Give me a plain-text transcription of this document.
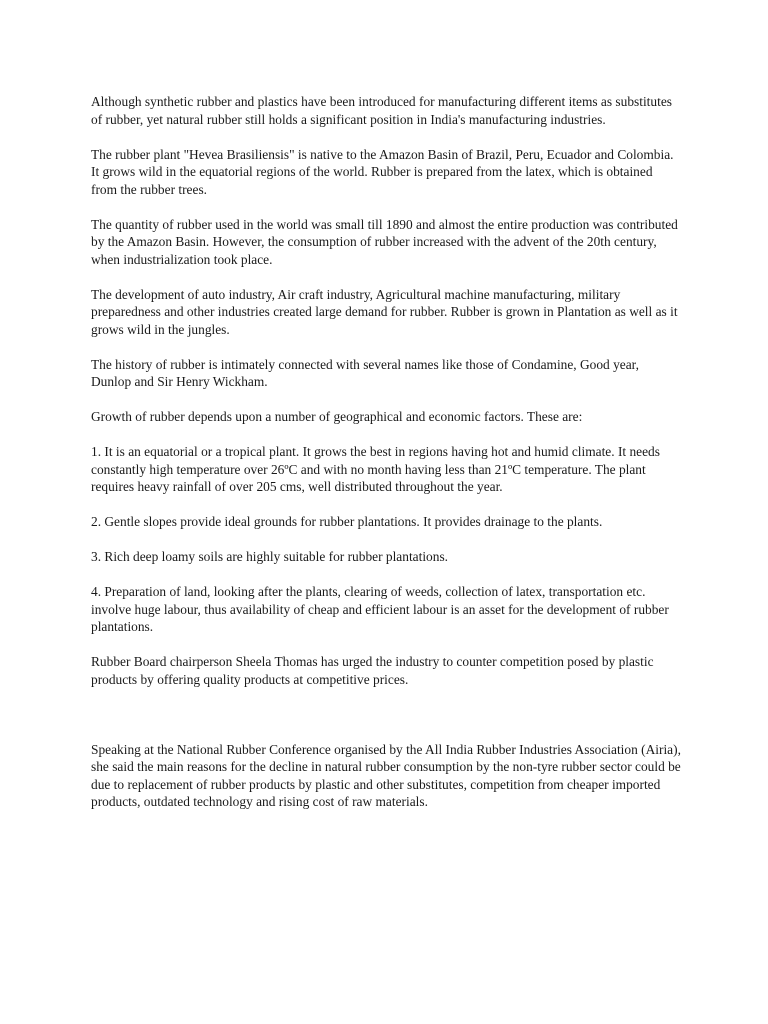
Although synthetic rubber and plastics have been introduced for manufacturing different items as substitutes of rubber, yet natural rubber still holds a significant position in India's manufacturing industries.

The rubber plant "Hevea Brasiliensis" is native to the Amazon Basin of Brazil, Peru, Ecuador and Colombia. It grows wild in the equatorial regions of the world. Rubber is prepared from the latex, which is obtained from the rubber trees.

The quantity of rubber used in the world was small till 1890 and almost the entire production was contributed by the Amazon Basin. However, the consumption of rubber increased with the advent of the 20th century, when industrialization took place.

The development of auto industry, Air craft industry, Agricultural machine manufacturing, military preparedness and other industries created large demand for rubber. Rubber is grown in Plantation as well as it grows wild in the jungles.

The history of rubber is intimately connected with several names like those of Condamine, Good year, Dunlop and Sir Henry Wickham.

Growth of rubber depends upon a number of geographical and economic factors. These are:

1. It is an equatorial or a tropical plant. It grows the best in regions having hot and humid climate. It needs constantly high temperature over 26ºC and with no month having less than 21ºC temperature. The plant requires heavy rainfall of over 205 cms, well distributed throughout the year.

2. Gentle slopes provide ideal grounds for rubber plantations. It provides drainage to the plants.

3. Rich deep loamy soils are highly suitable for rubber plantations.

4. Preparation of land, looking after the plants, clearing of weeds, collection of latex, transportation etc. involve huge labour, thus availability of cheap and efficient labour is an asset for the development of rubber plantations.

Rubber Board chairperson Sheela Thomas has urged the industry to counter competition posed by plastic products by offering quality products at competitive prices.

Speaking at the National Rubber Conference organised by the All India Rubber Industries Association (Airia), she said the main reasons for the decline in natural rubber consumption by the non-tyre rubber sector could be due to replacement of rubber products by plastic and other substitutes, competition from cheaper imported products, outdated technology and rising cost of raw materials.
